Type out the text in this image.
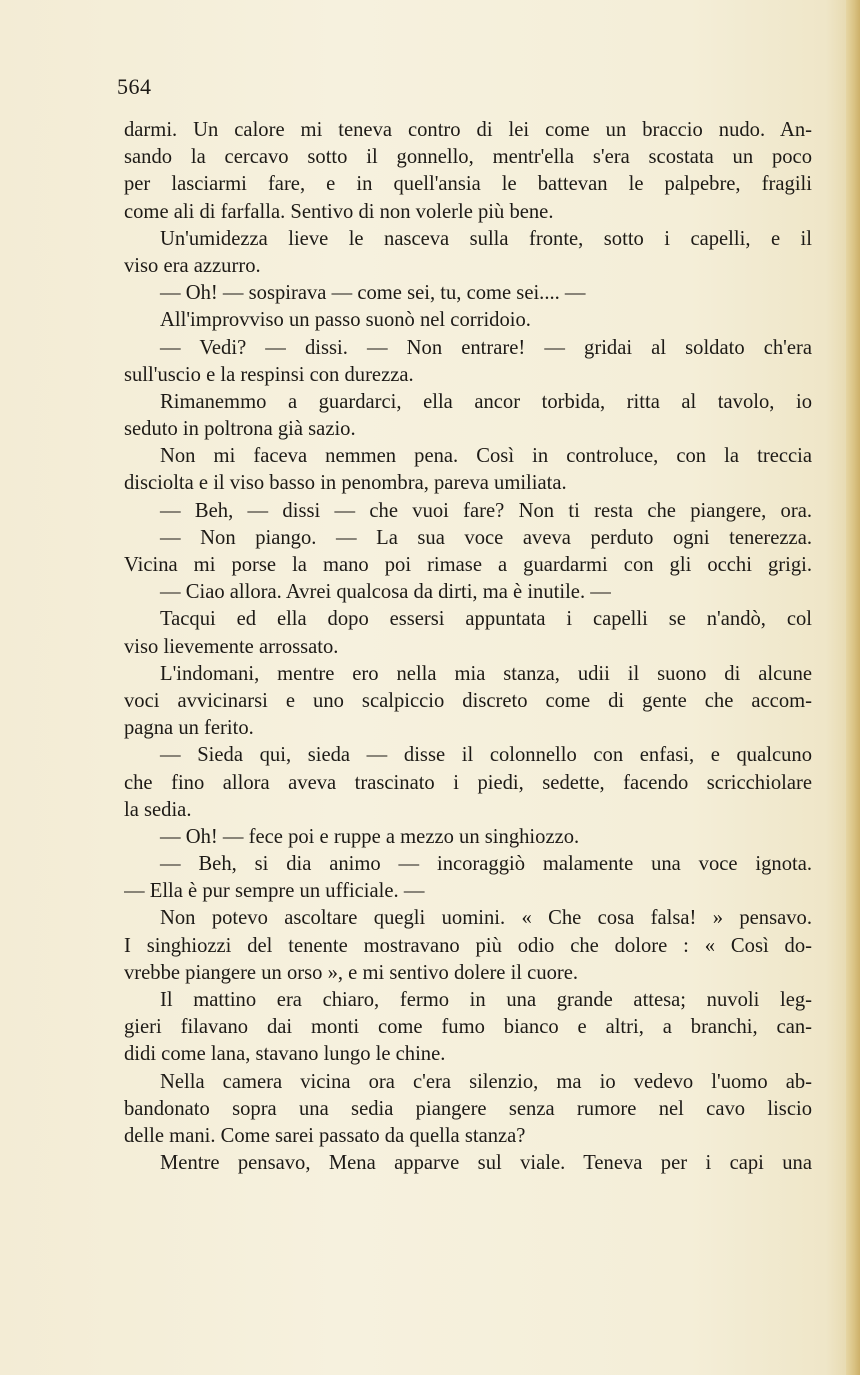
564
darmi. Un calore mi teneva contro di lei come un braccio nudo. An-
sando la cercavo sotto il gonnello, mentr'ella s'era scostata un poco
per lasciarmi fare, e in quell'ansia le battevan le palpebre, fragili
come ali di farfalla. Sentivo di non volerle più bene.
Un'umidezza lieve le nasceva sulla fronte, sotto i capelli, e il
viso era azzurro.
— Oh! — sospirava — come sei, tu, come sei.... —
All'improvviso un passo suonò nel corridoio.
— Vedi? — dissi. — Non entrare! — gridai al soldato ch'era
sull'uscio e la respinsi con durezza.
Rimanemmo a guardarci, ella ancor torbida, ritta al tavolo, io
seduto in poltrona già sazio.
Non mi faceva nemmen pena. Così in controluce, con la treccia
disciolta e il viso basso in penombra, pareva umiliata.
— Beh, — dissi — che vuoi fare? Non ti resta che piangere, ora.
— Non piango. — La sua voce aveva perduto ogni tenerezza.
Vicina mi porse la mano poi rimase a guardarmi con gli occhi grigi.
— Ciao allora. Avrei qualcosa da dirti, ma è inutile. —
Tacqui ed ella dopo essersi appuntata i capelli se n'andò, col
viso lievemente arrossato.
L'indomani, mentre ero nella mia stanza, udii il suono di alcune
voci avvicinarsi e uno scalpiccio discreto come di gente che accom-
pagna un ferito.
— Sieda qui, sieda — disse il colonnello con enfasi, e qualcuno
che fino allora aveva trascinato i piedi, sedette, facendo scricchiolare
la sedia.
— Oh! — fece poi e ruppe a mezzo un singhiozzo.
— Beh, si dia animo — incoraggiò malamente una voce ignota.
— Ella è pur sempre un ufficiale. —
Non potevo ascoltare quegli uomini. « Che cosa falsa! » pensavo.
I singhiozzi del tenente mostravano più odio che dolore : « Così do-
vrebbe piangere un orso », e mi sentivo dolere il cuore.
Il mattino era chiaro, fermo in una grande attesa; nuvoli leg-
gieri filavano dai monti come fumo bianco e altri, a branchi, can-
didi come lana, stavano lungo le chine.
Nella camera vicina ora c'era silenzio, ma io vedevo l'uomo ab-
bandonato sopra una sedia piangere senza rumore nel cavo liscio
delle mani. Come sarei passato da quella stanza?
Mentre pensavo, Mena apparve sul viale. Teneva per i capi una
